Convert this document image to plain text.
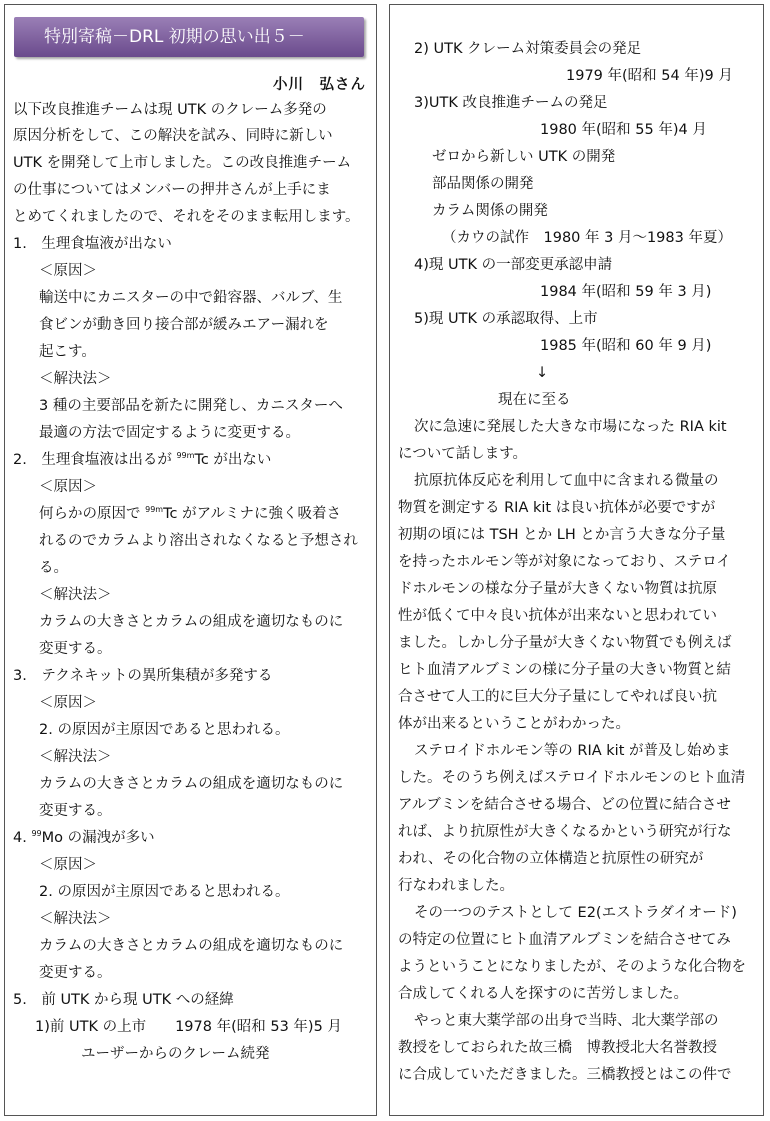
特別寄稿－DRL 初期の思い出５－
小川　弘さん
以下改良推進チームは現 UTK のクレーム多発の
原因分析をして、この解決を試み、同時に新しい
UTK を開発して上市しました。この改良推進チーム
の仕事についてはメンバーの押井さんが上手にま
とめてくれましたので、それをそのまま転用します。
1.　生理食塩液が出ない
＜原因＞
輸送中にカニスターの中で鉛容器、バルブ、生
食ビンが動き回り接合部が緩みエアー漏れを
起こす。
＜解決法＞
3 種の主要部品を新たに開発し、カニスターへ
最適の方法で固定するように変更する。
2.　生理食塩液は出るが $^{99m}$Tc が出ない
＜原因＞
何らかの原因で $^{99m}$Tc がアルミナに強く吸着さ
れるのでカラムより溶出されなくなると予想され
る。
＜解決法＞
カラムの大きさとカラムの組成を適切なものに
変更する。
3.　テクネキットの異所集積が多発する
＜原因＞
2. の原因が主原因であると思われる。
＜解決法＞
カラムの大きさとカラムの組成を適切なものに
変更する。
4. $^{99}$Mo の漏洩が多い
＜原因＞
2. の原因が主原因であると思われる。
＜解決法＞
カラムの大きさとカラムの組成を適切なものに
変更する。
5.　前 UTK から現 UTK への経緯
1)前 UTK の上市　　1978 年(昭和 53 年)5 月
ユーザーからのクレーム続発
2) UTK クレーム対策委員会の発足
1979 年(昭和 54 年)9 月
3)UTK 改良推進チームの発足
1980 年(昭和 55 年)4 月
ゼロから新しい UTK の開発
部品関係の開発
カラム関係の開発
（カウの試作　1980 年 3 月～1983 年夏）
4)現 UTK の一部変更承認申請
1984 年(昭和 59 年 3 月)
5)現 UTK の承認取得、上市
1985 年(昭和 60 年 9 月)
↓
現在に至る
次に急速に発展した大きな市場になった RIA kit
について話します。
抗原抗体反応を利用して血中に含まれる微量の
物質を測定する RIA kit は良い抗体が必要ですが
初期の頃には TSH とか LH とか言う大きな分子量
を持ったホルモン等が対象になっており、ステロイ
ドホルモンの様な分子量が大きくない物質は抗原
性が低くて中々良い抗体が出来ないと思われてい
ました。しかし分子量が大きくない物質でも例えば
ヒト血清アルブミンの様に分子量の大きい物質と結
合させて人工的に巨大分子量にしてやれば良い抗
体が出来るということがわかった。
ステロイドホルモン等の RIA kit が普及し始めま
した。そのうち例えばステロイドホルモンのヒト血清
アルブミンを結合させる場合、どの位置に結合させ
れば、より抗原性が大きくなるかという研究が行な
われ、その化合物の立体構造と抗原性の研究が
行なわれました。
その一つのテストとして E2(エストラダイオード)
の特定の位置にヒト血清アルブミンを結合させてみ
ようということになりましたが、そのような化合物を
合成してくれる人を探すのに苦労しました。
やっと東大薬学部の出身で当時、北大薬学部の
教授をしておられた故三橋　博教授北大名誉教授
に合成していただきました。三橋教授とはこの件で
